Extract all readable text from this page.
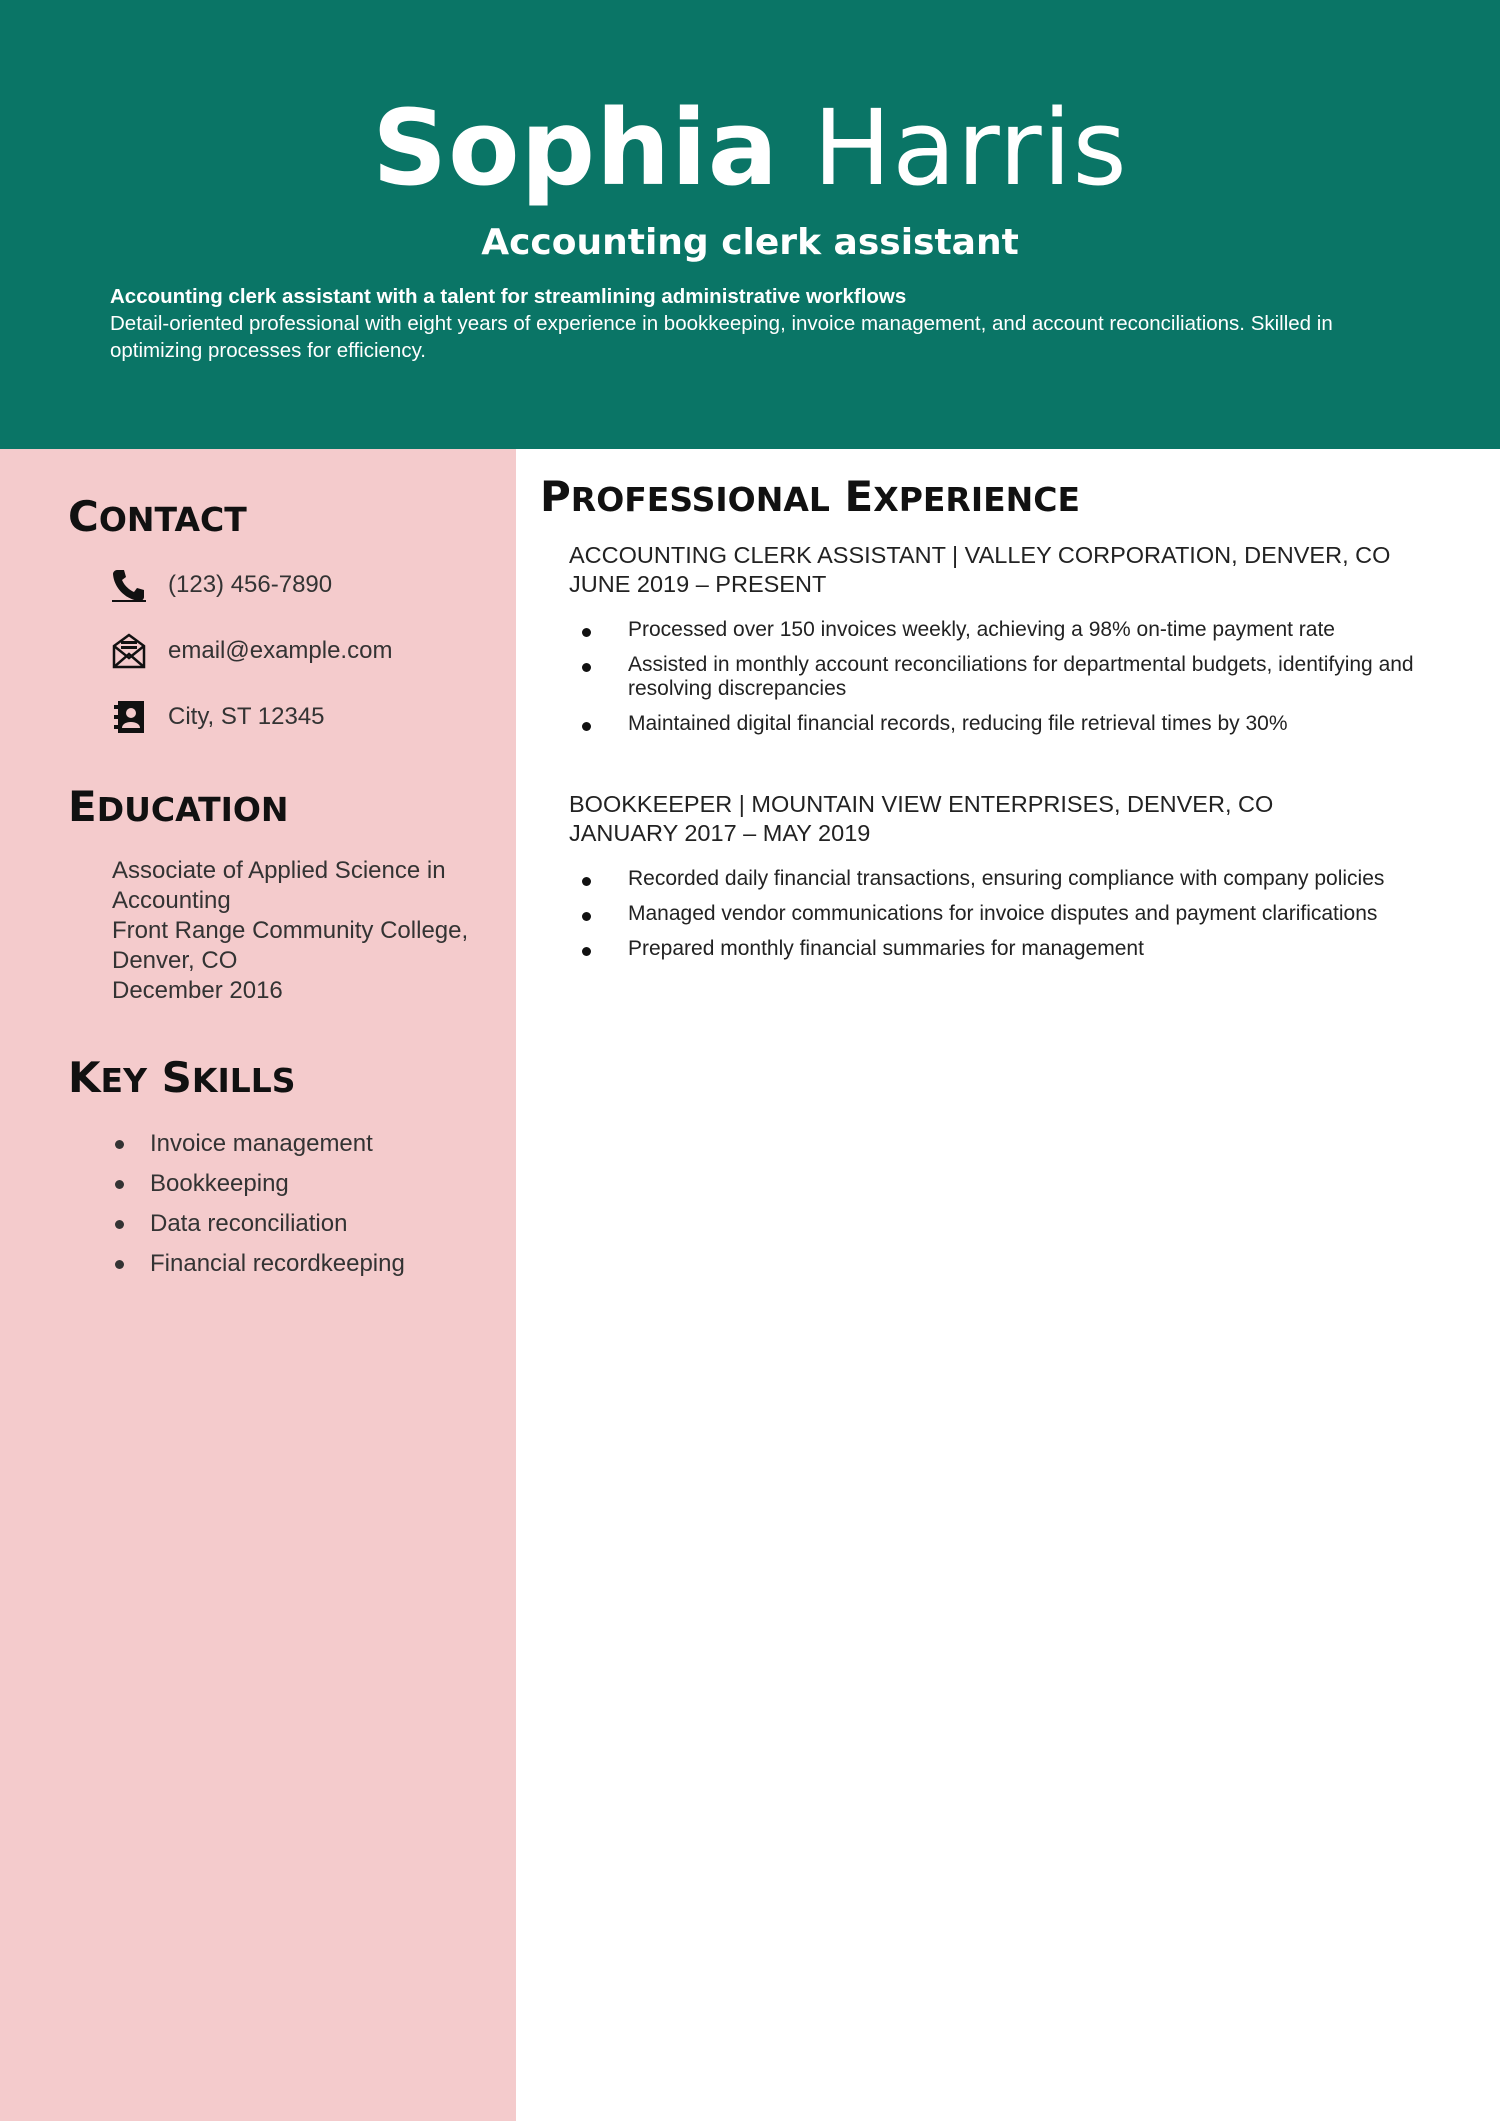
Sophia Harris
Accounting clerk assistant
Accounting clerk assistant with a talent for streamlining administrative workflows
Detail-oriented professional with eight years of experience in bookkeeping, invoice management, and account reconciliations. Skilled in optimizing processes for efficiency.
CONTACT
(123) 456-7890
email@example.com
City, ST 12345
EDUCATION
Associate of Applied Science in Accounting
Front Range Community College, Denver, CO
December 2016
KEY SKILLS
Invoice management
Bookkeeping
Data reconciliation
Financial recordkeeping
PROFESSIONAL EXPERIENCE
ACCOUNTING CLERK ASSISTANT | VALLEY CORPORATION, DENVER, CO
JUNE 2019 – PRESENT
Processed over 150 invoices weekly, achieving a 98% on-time payment rate
Assisted in monthly account reconciliations for departmental budgets, identifying and resolving discrepancies
Maintained digital financial records, reducing file retrieval times by 30%
BOOKKEEPER | MOUNTAIN VIEW ENTERPRISES, DENVER, CO
JANUARY 2017 – MAY 2019
Recorded daily financial transactions, ensuring compliance with company policies
Managed vendor communications for invoice disputes and payment clarifications
Prepared monthly financial summaries for management
